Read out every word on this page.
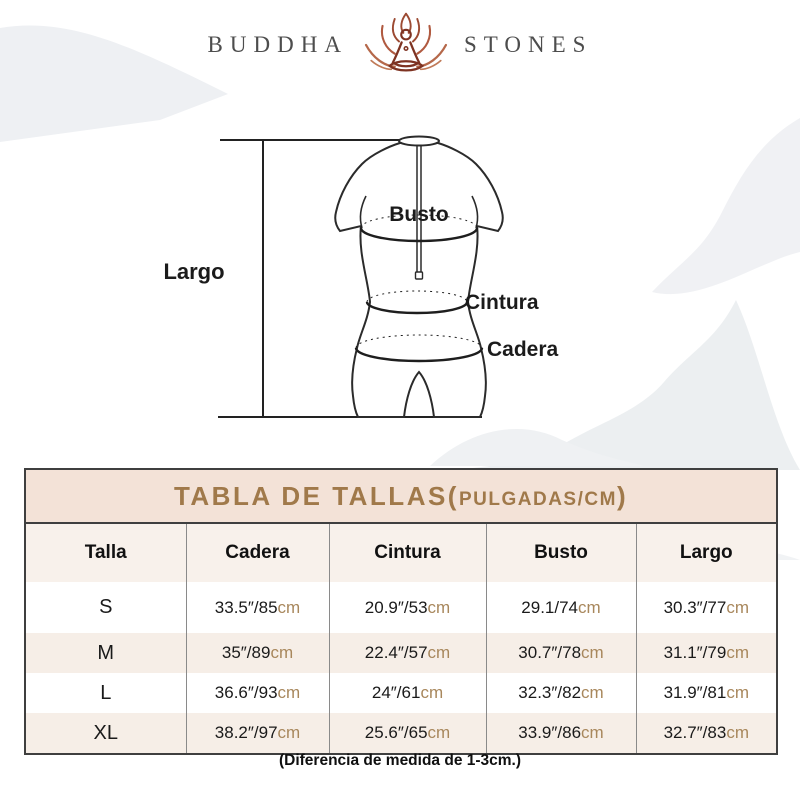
BUDDHA	STONES
Busto
Cintura
Cadera
Largo
TABLA DE TALLAS(PULGADAS/CM)				
Talla	Cadera	Cintura	Busto	Largo
S	33.5″/85cm	20.9″/53cm	29.1/74cm	30.3″/77cm
M	35″/89cm	22.4″/57cm	30.7″/78cm	31.1″/79cm
L	36.6″/93cm	24″/61cm	32.3″/82cm	31.9″/81cm
XL	38.2″/97cm	25.6″/65cm	33.9″/86cm	32.7″/83cm
(Diferencia de medida de 1-3cm.)
